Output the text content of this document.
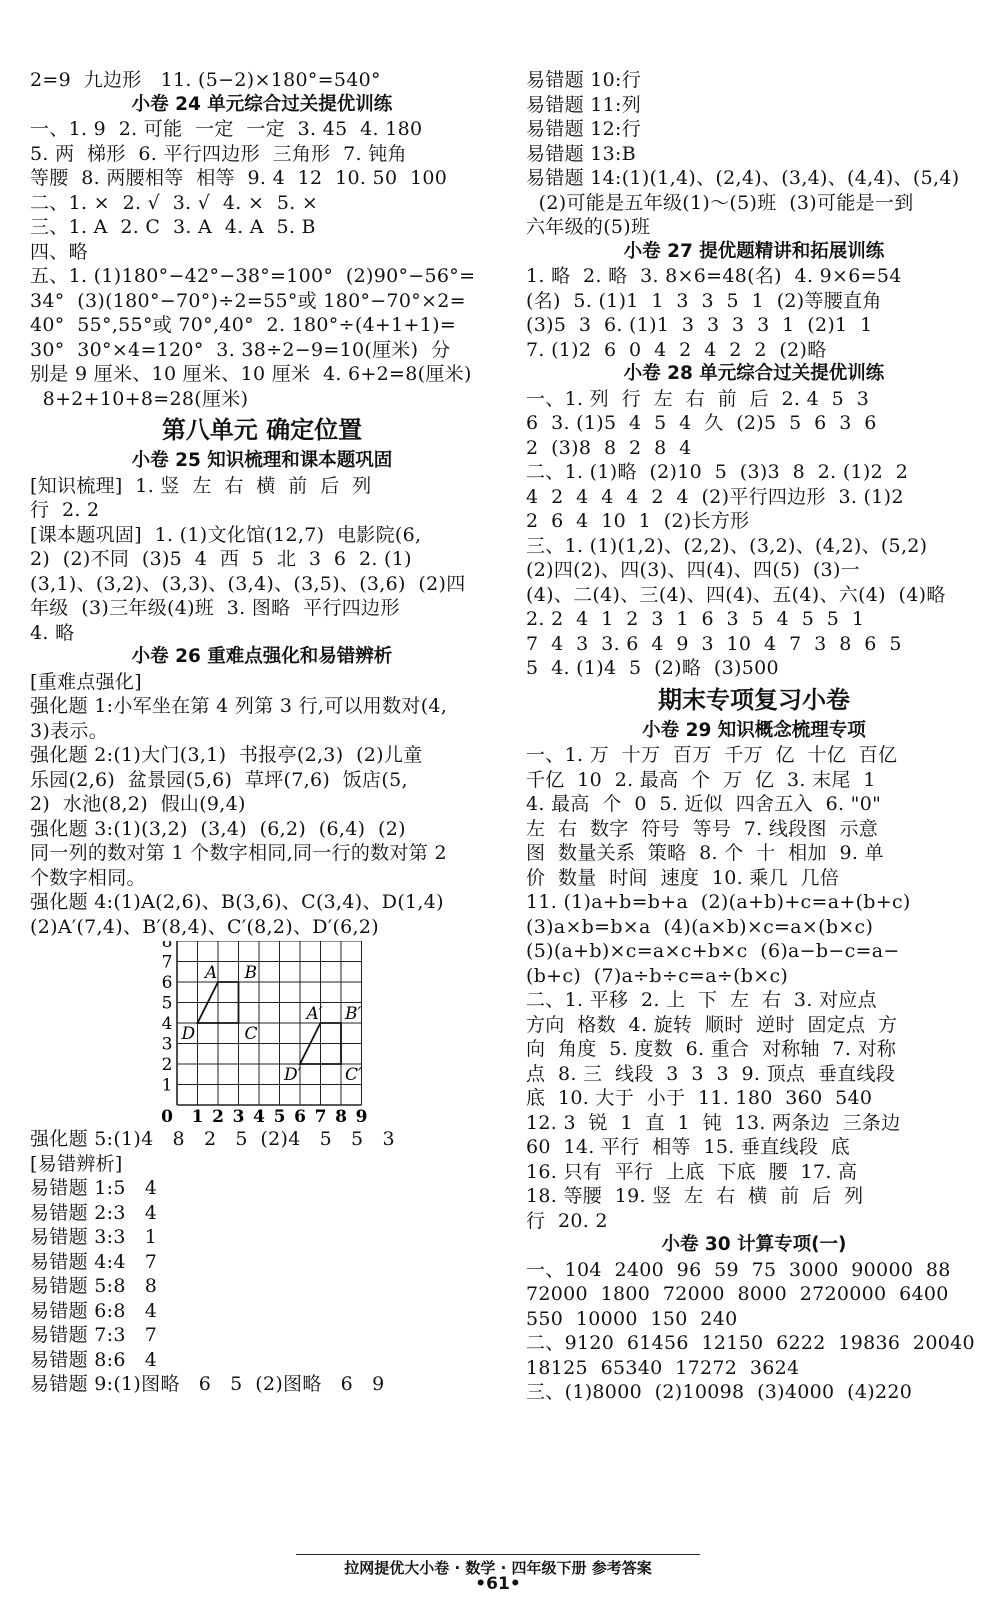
2=9  九边形   11. (5−2)×180°=540°
小卷 24 单元综合过关提优训练
一、1. 9  2. 可能  一定  一定  3. 45  4. 180
5. 两  梯形  6. 平行四边形  三角形  7. 钝角
等腰  8. 两腰相等  相等  9. 4  12  10. 50  100
二、1. ×  2. √  3. √  4. ×  5. ×
三、1. A  2. C  3. A  4. A  5. B
四、略
五、1. (1)180°−42°−38°=100°  (2)90°−56°=
34°  (3)(180°−70°)÷2=55°或 180°−70°×2=
40°  55°,55°或 70°,40°  2. 180°÷(4+1+1)=
30°  30°×4=120°  3. 38÷2−9=10(厘米)  分
别是 9 厘米、10 厘米、10 厘米  4. 6+2=8(厘米)
8+2+10+8=28(厘米)
第八单元 确定位置
小卷 25 知识梳理和课本题巩固
[知识梳理]  1. 竖  左  右  横  前  后  列
行  2. 2
[课本题巩固]  1. (1)文化馆(12,7)  电影院(6,
2)  (2)不同  (3)5  4  西  5  北  3  6  2. (1)
(3,1)、(3,2)、(3,3)、(3,4)、(3,5)、(3,6)  (2)四
年级  (3)三年级(4)班  3. 图略  平行四边形
4. 略
小卷 26 重难点强化和易错辨析
[重难点强化]
强化题 1:小军坐在第 4 列第 3 行,可以用数对(4,
3)表示。
强化题 2:(1)大门(3,1)  书报亭(2,3)  (2)儿童
乐园(2,6)  盆景园(5,6)  草坪(7,6)  饭店(5,
2)  水池(8,2)  假山(9,4)
强化题 3:(1)(3,2)  (3,4)  (6,2)  (6,4)  (2)
同一列的数对第 1 个数字相同,同一行的数对第 2
个数字相同。
强化题 4:(1)A(2,6)、B(3,6)、C(3,4)、D(1,4)
(2)A′(7,4)、B′(8,4)、C′(8,2)、D′(6,2)
0 1 2 3 4 5 6 7 8 9
1
2
3
4
5
6
7
8
A B
C
D
A′ B′
C′
D′
强化题 5:(1)4   8   2   5  (2)4   5   5   3
[易错辨析]
易错题 1:5   4
易错题 2:3   4
易错题 3:3   1
易错题 4:4   7
易错题 5:8   8
易错题 6:8   4
易错题 7:3   7
易错题 8:6   4
易错题 9:(1)图略   6   5  (2)图略   6   9
易错题 10:行
易错题 11:列
易错题 12:行
易错题 13:B
易错题 14:(1)(1,4)、(2,4)、(3,4)、(4,4)、(5,4)
(2)可能是五年级(1)～(5)班  (3)可能是一到
六年级的(5)班
小卷 27 提优题精讲和拓展训练
1. 略  2. 略  3. 8×6=48(名)  4. 9×6=54
(名)  5. (1)1  1  3  3  5  1  (2)等腰直角
(3)5  3  6. (1)1  3  3  3  3  1  (2)1  1
7. (1)2  6  0  4  2  4  2  2  (2)略
小卷 28 单元综合过关提优训练
一、1. 列  行  左  右  前  后  2. 4  5  3
6  3. (1)5  4  5  4  久  (2)5  5  6  3  6
2  (3)8  8  2  8  4
二、1. (1)略  (2)10  5  (3)3  8  2. (1)2  2
4  2  4  4  4  2  4  (2)平行四边形  3. (1)2
2  6  4  10  1  (2)长方形
三、1. (1)(1,2)、(2,2)、(3,2)、(4,2)、(5,2)
(2)四(2)、四(3)、四(4)、四(5)  (3)一
(4)、二(4)、三(4)、四(4)、五(4)、六(4)  (4)略
2. 2  4  1  2  3  1  6  3  5  4  5  5  1
7  4  3  3. 6  4  9  3  10  4  7  3  8  6  5
5  4. (1)4  5  (2)略  (3)500
期末专项复习小卷
小卷 29 知识概念梳理专项
一、1. 万  十万  百万  千万  亿  十亿  百亿
千亿  10  2. 最高  个  万  亿  3. 末尾  1
4. 最高  个  0  5. 近似  四舍五入  6. "0"
左  右  数字  符号  等号  7. 线段图  示意
图  数量关系  策略  8. 个  十  相加  9. 单
价  数量  时间  速度  10. 乘几  几倍
11. (1)a+b=b+a  (2)(a+b)+c=a+(b+c)
(3)a×b=b×a  (4)(a×b)×c=a×(b×c)
(5)(a+b)×c=a×c+b×c  (6)a−b−c=a−
(b+c)  (7)a÷b÷c=a÷(b×c)
二、1. 平移  2. 上  下  左  右  3. 对应点
方向  格数  4. 旋转  顺时  逆时  固定点  方
向  角度  5. 度数  6. 重合  对称轴  7. 对称
点  8. 三  线段  3  3  3  9. 顶点  垂直线段
底  10. 大于  小于  11. 180  360  540
12. 3  锐  1  直  1  钝  13. 两条边  三条边
60  14. 平行  相等  15. 垂直线段  底
16. 只有  平行  上底  下底  腰  17. 高
18. 等腰  19. 竖  左  右  横  前  后  列
行  20. 2
小卷 30 计算专项(一)
一、104  2400  96  59  75  3000  90000  88
72000  1800  72000  8000  2720000  6400
550  10000  150  240
二、9120  61456  12150  6222  19836  20040
18125  65340  17272  3624
三、(1)8000  (2)10098  (3)4000  (4)220
拉网提优大小卷 · 数学 · 四年级下册 参考答案
•61•
